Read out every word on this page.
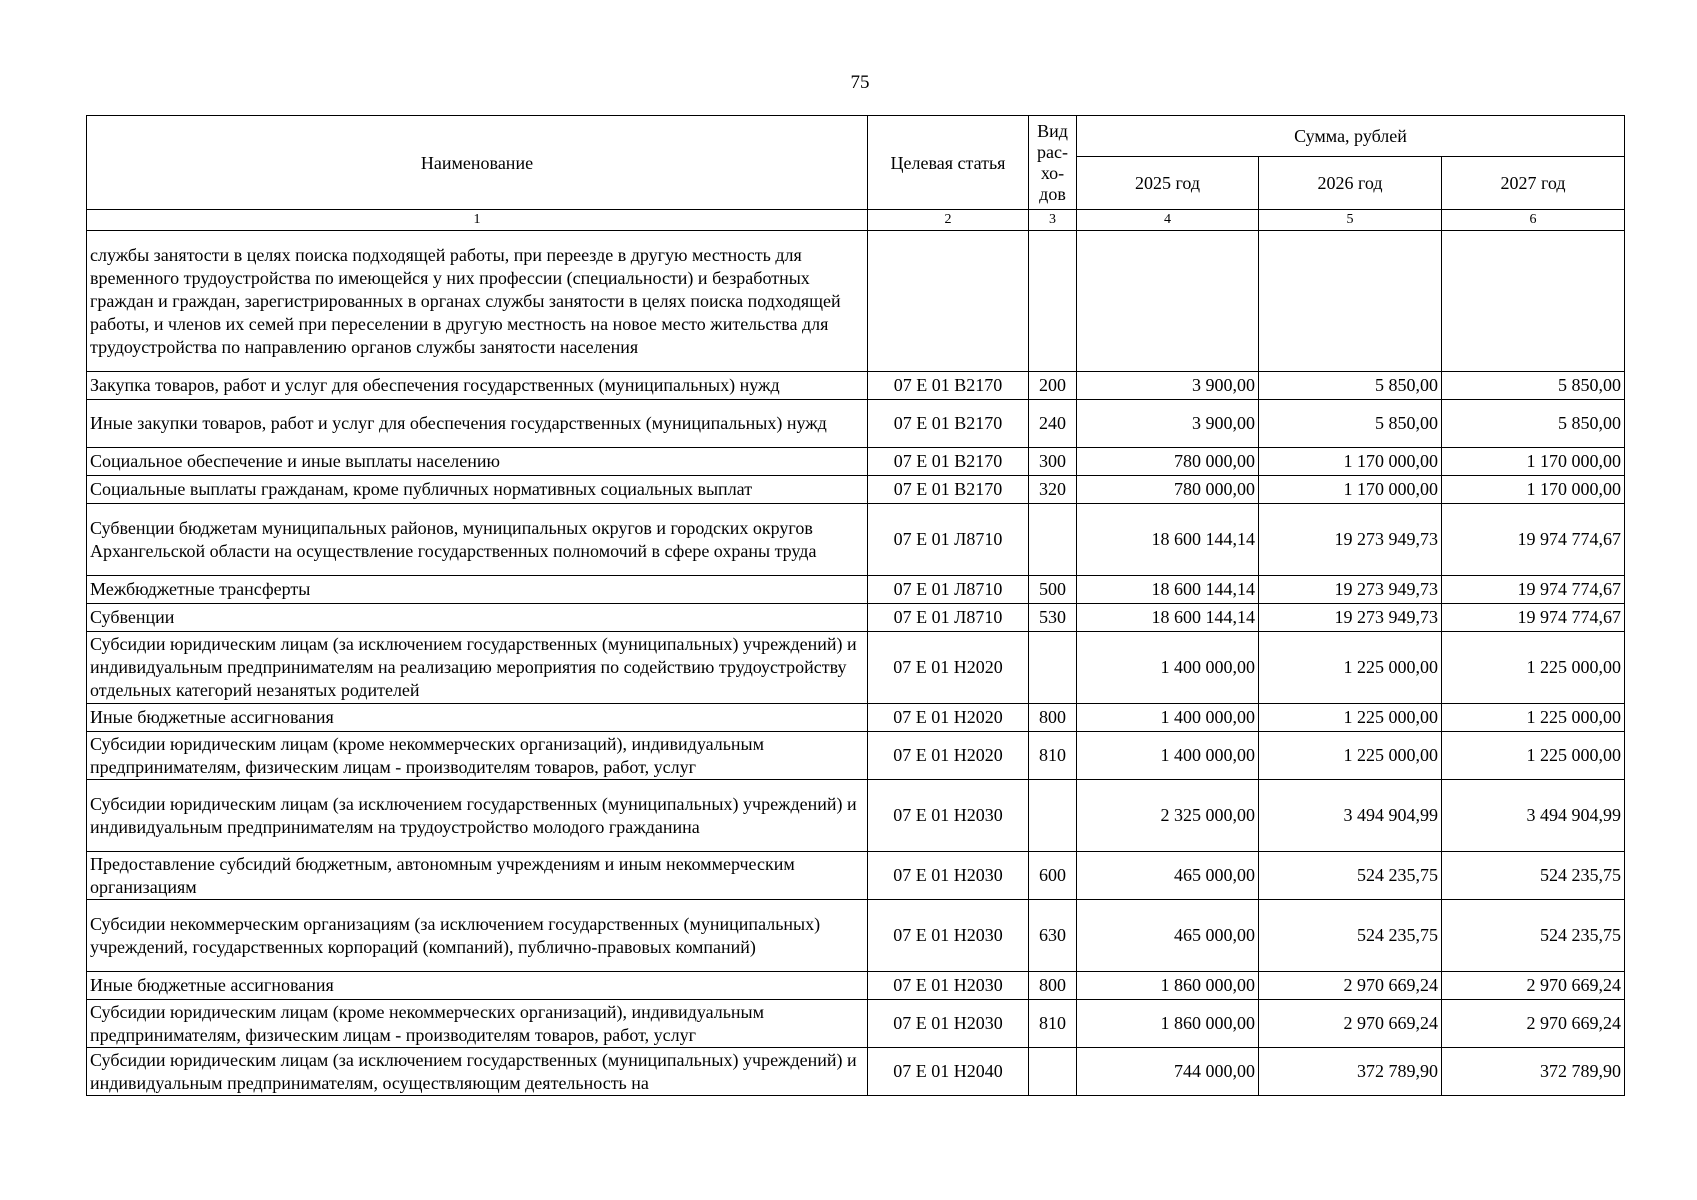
75
Наименование	Целевая статья	Вид
рас-
хо-
дов	Сумма, рублей		
			2025 год	2026 год	2027 год
1	2	3	4	5	6
службы занятости в целях поиска подходящей работы, при переезде в другую местность для временного трудоустройства по имеющейся у них профессии (специальности) и безработных граждан и граждан, зарегистрированных в органах службы занятости в целях поиска подходящей работы, и членов их семей при переселении в другую местность на новое место жительства для трудоустройства по направлению органов службы занятости населения					
Закупка товаров, работ и услуг для обеспечения государственных (муниципальных) нужд	07 Е 01 В2170	200	3 900,00	5 850,00	5 850,00
Иные закупки товаров, работ и услуг для обеспечения государственных (муниципальных) нужд	07 Е 01 В2170	240	3 900,00	5 850,00	5 850,00
Социальное обеспечение и иные выплаты населению	07 Е 01 В2170	300	780 000,00	1 170 000,00	1 170 000,00
Социальные выплаты гражданам, кроме публичных нормативных социальных выплат	07 Е 01 В2170	320	780 000,00	1 170 000,00	1 170 000,00
Субвенции бюджетам муниципальных районов, муниципальных округов и городских округов Архангельской области на осуществление государственных полномочий в сфере охраны труда	07 Е 01 Л8710		18 600 144,14	19 273 949,73	19 974 774,67
Межбюджетные трансферты	07 Е 01 Л8710	500	18 600 144,14	19 273 949,73	19 974 774,67
Субвенции	07 Е 01 Л8710	530	18 600 144,14	19 273 949,73	19 974 774,67
Субсидии юридическим лицам (за исключением государственных (муниципальных) учреждений) и индивидуальным предпринимателям на реализацию мероприятия по содействию трудоустройству отдельных категорий незанятых родителей	07 Е 01 Н2020		1 400 000,00	1 225 000,00	1 225 000,00
Иные бюджетные ассигнования	07 Е 01 Н2020	800	1 400 000,00	1 225 000,00	1 225 000,00
Субсидии юридическим лицам (кроме некоммерческих организаций), индивидуальным предпринимателям, физическим лицам - производителям товаров, работ, услуг	07 Е 01 Н2020	810	1 400 000,00	1 225 000,00	1 225 000,00
Субсидии юридическим лицам (за исключением государственных (муниципальных) учреждений) и индивидуальным предпринимателям на трудоустройство молодого гражданина	07 Е 01 Н2030		2 325 000,00	3 494 904,99	3 494 904,99
Предоставление субсидий бюджетным, автономным учреждениям и иным некоммерческим организациям	07 Е 01 Н2030	600	465 000,00	524 235,75	524 235,75
Субсидии некоммерческим организациям (за исключением государственных (муниципальных) учреждений, государственных корпораций (компаний), публично-правовых компаний)	07 Е 01 Н2030	630	465 000,00	524 235,75	524 235,75
Иные бюджетные ассигнования	07 Е 01 Н2030	800	1 860 000,00	2 970 669,24	2 970 669,24
Субсидии юридическим лицам (кроме некоммерческих организаций), индивидуальным предпринимателям, физическим лицам - производителям товаров, работ, услуг	07 Е 01 Н2030	810	1 860 000,00	2 970 669,24	2 970 669,24
Субсидии юридическим лицам (за исключением государственных (муниципальных) учреждений) и индивидуальным предпринимателям, осуществляющим деятельность на	07 Е 01 Н2040		744 000,00	372 789,90	372 789,90
